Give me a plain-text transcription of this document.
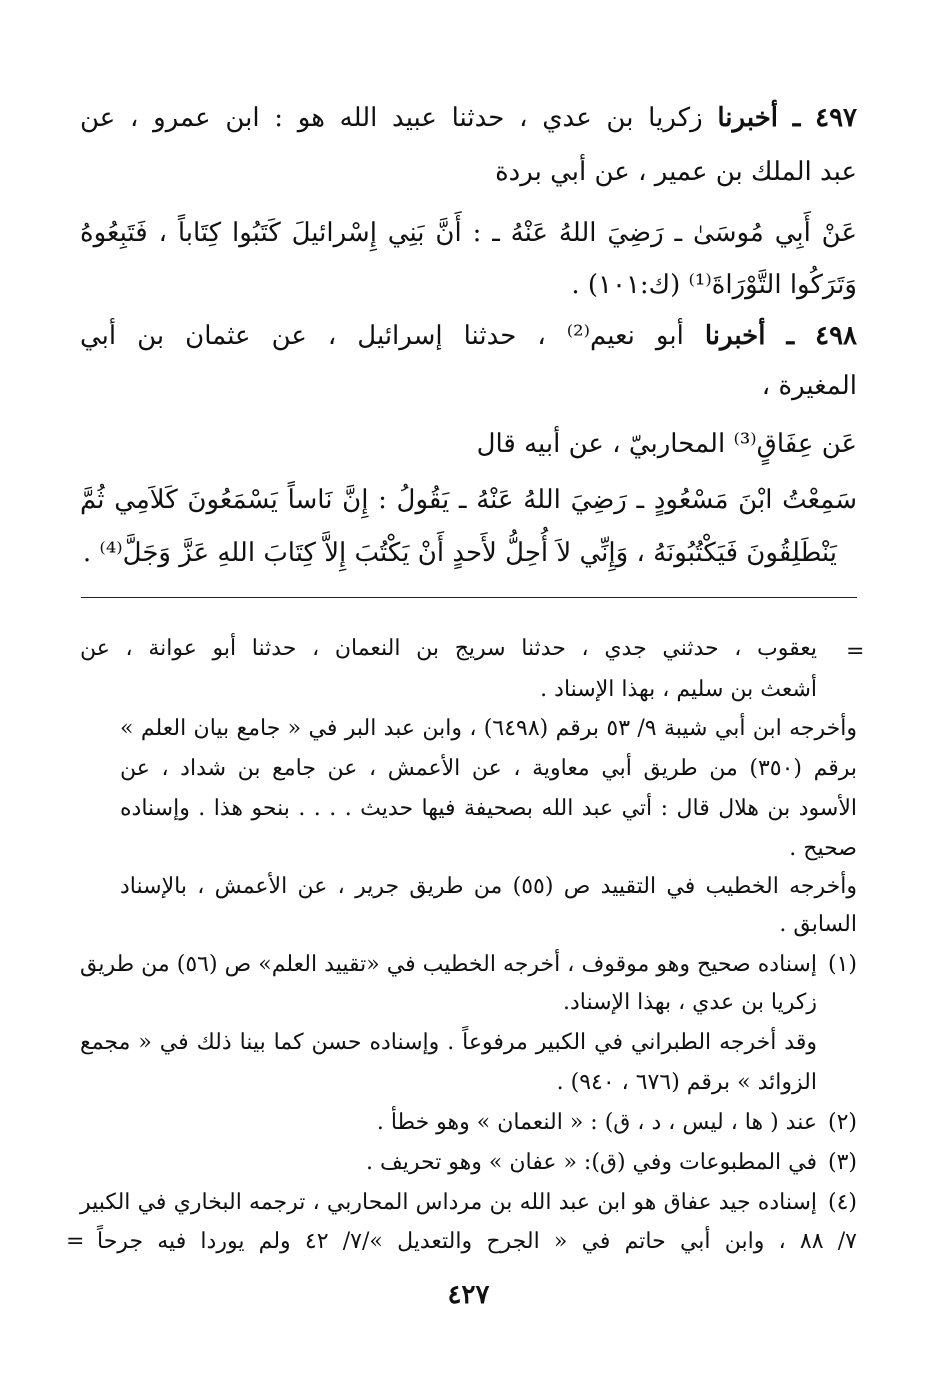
٤٩٧ ـ أخبرنا زكريا بن عدي ، حدثنا عبيد الله هو : ابن عمرو ، عن
عبد الملك بن عمير ، عن أبي بردة
عَنْ أَبِي مُوسَىٰ ـ رَضِيَ اللهُ عَنْهُ ـ : أَنَّ بَنِي إِسْرائيلَ كَتَبُوا كِتَاباً ، فَتَبِعُوهُ
وَتَرَكُوا التَّوْرَاةَ⁽¹⁾ (ك:١٠١) .
٤٩٨ ـ أخبرنا أبو نعيم⁽²⁾ ، حدثنا إسرائيل ، عن عثمان بن أبي
المغيرة ،
عَن عِفَاقٍ⁽³⁾ المحاربيّ ، عن أبيه قال
سَمِعْتُ ابْنَ مَسْعُودٍ ـ رَضِيَ اللهُ عَنْهُ ـ يَقُولُ : إِنَّ نَاساً يَسْمَعُونَ كَلاَمِي ثُمَّ
يَنْطَلِقُونَ فَيَكْتُبُونَهُ ، وَإِنِّي لاَ أُحِلُّ لأَحدٍ أَنْ يَكْتُبَ إِلاَّ كِتَابَ اللهِ عَزَّ وَجَلَّ⁽⁴⁾ .
=
يعقوب ، حدثني جدي ، حدثنا سريج بن النعمان ، حدثنا أبو عوانة ، عن
أشعث بن سليم ، بهذا الإسناد .
وأخرجه ابن أبي شيبة ٩/ ٥٣ برقم (٦٤٩٨) ، وابن عبد البر في « جامع بيان العلم »
برقم (٣٥٠) من طريق أبي معاوية ، عن الأعمش ، عن جامع بن شداد ، عن
الأسود بن هلال قال : أتي عبد الله بصحيفة فيها حديث . . . . بنحو هذا . وإسناده
صحيح .
وأخرجه الخطيب في التقييد ص (٥٥) من طريق جرير ، عن الأعمش ، بالإسناد
السابق .
(١)
إسناده صحيح وهو موقوف ، أخرجه الخطيب في «تقييد العلم» ص (٥٦) من طريق
زكريا بن عدي ، بهذا الإسناد.
وقد أخرجه الطبراني في الكبير مرفوعاً . وإسناده حسن كما بينا ذلك في « مجمع
الزوائد » برقم (٦٧٦ ، ٩٤٠) .
(٢)
عند ( ها ، ليس ، د ، ق) : « النعمان » وهو خطأ .
(٣)
في المطبوعات وفي (ق): « عفان » وهو تحريف .
(٤)
إسناده جيد عفاق هو ابن عبد الله بن مرداس المحاربي ، ترجمه البخاري في الكبير
٧/ ٨٨ ، وابن أبي حاتم في « الجرح والتعديل »/٧/ ٤٢ ولم يوردا فيه جرحاً
=
٤٢٧
